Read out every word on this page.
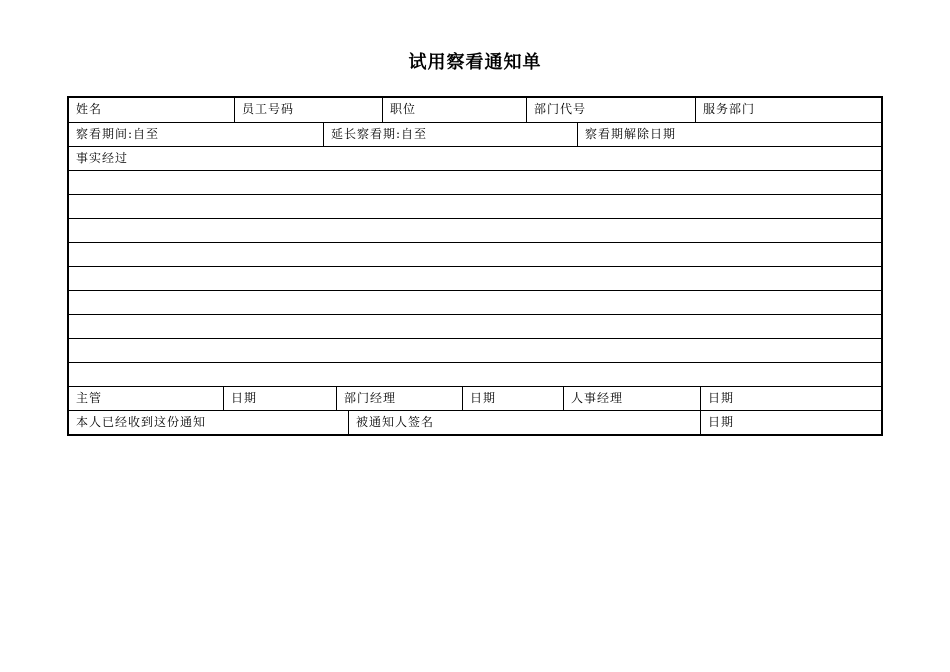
试用察看通知单
姓名	员工号码	职位	部门代号	服务部门
察看期间:自至	延长察看期:自至	察看期解除日期
事实经过
主管	日期	部门经理	日期	人事经理	日期
本人已经收到这份通知	被通知人签名	日期
